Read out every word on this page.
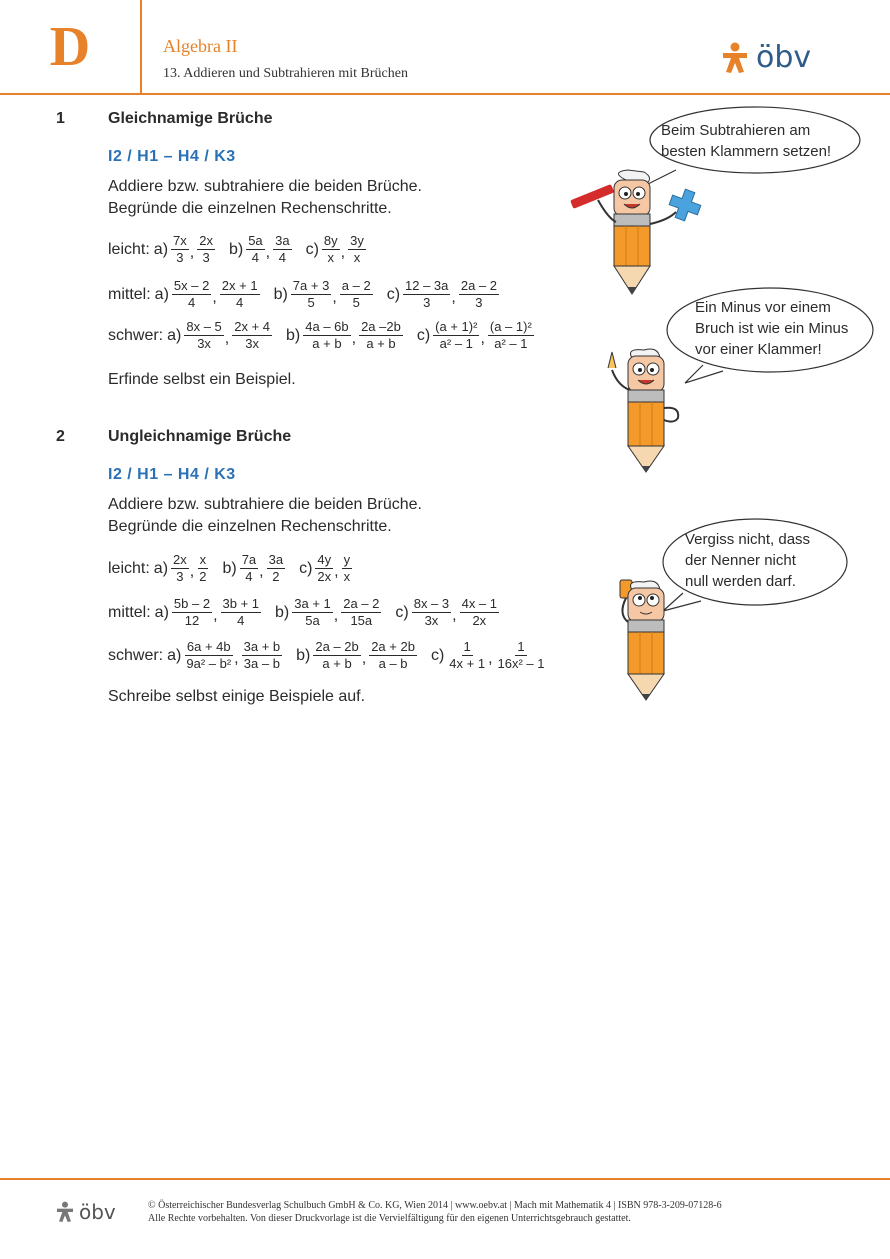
D	Algebra II
13. Addieren und Subtrahieren mit Brüchen	öbv
1	Gleichnamige Brüche
I2 / H1 – H4 / K3
Addiere bzw. subtrahiere die beiden Brüche.
Begründe die einzelnen Rechenschritte.
leicht: $a) \frac{7x}{3}$ , $\frac{2x}{3} b) \frac{5a}{4}$ , $\frac{3a}{4} c) \frac{8y}{x}$ , $\frac{3y}{x}$
mittel: $a) \frac{5x - 2}{4}$ , $\frac{2x + 1}{4} b) \frac{7a + 3}{5}$ , $\frac{a - 2}{5} c) \frac{12 - 3a}{3}$ , $\frac{2a - 2}{3}$
schwer: $a) \frac{8x - 5}{3x}$ , $\frac{2x + 4}{3x} b) \frac{4a - 6b}{a + b}$ , $\frac{2a -2b}{a + b} c) \frac{\text{(a + 1)²}}{\text{a² – 1}}$ , $\frac{\text{(a – 1)²}}{\text{a² – 1}}$
Erfinde selbst ein Beispiel.
2	Ungleichnamige Brüche
I2 / H1 – H4 / K3
Addiere bzw. subtrahiere die beiden Brüche.
Begründe die einzelnen Rechenschritte.
leicht: $a) \frac{2x}{3}$ , $\frac{x}{2} b) \frac{7a}{4}$ , $\frac{3a}{2} c) \frac{4y}{2x}$ , $\frac{y}{x}$
mittel: $a) \frac{5b - 2}{12}$ , $\frac{3b + 1}{4} b) \frac{3a + 1}{5a}$ , $\frac{2a - 2}{15a} c) \frac{8x - 3}{3x}$ , $\frac{4x - 1}{2x}$
schwer: $a) \frac{6a + 4b}{\text{9a² – b²}}$ , $\frac{3a + b}{3a - b} b) \frac{2a - 2b}{a + b}$ , $\frac{2a + 2b}{a - b} c) \frac{1}{4x + 1}$ , $\frac{1}{\text{16x² – 1}}$
Schreibe selbst einige Beispiele auf.
Beim Subtrahieren am
besten Klammern setzen!
Ein Minus vor einem
Bruch ist wie ein Minus
vor einer Klammer!
Vergiss nicht, dass
der Nenner nicht
null werden darf.
öbv	© Österreichischer Bundesverlag Schulbuch GmbH & Co. KG, Wien 2014 | www.oebv.at | Mach mit Mathematik 4 | ISBN 978-3-209-07128-6
Alle Rechte vorbehalten. Von dieser Druckvorlage ist die Vervielfältigung für den eigenen Unterrichtsgebrauch gestattet.
